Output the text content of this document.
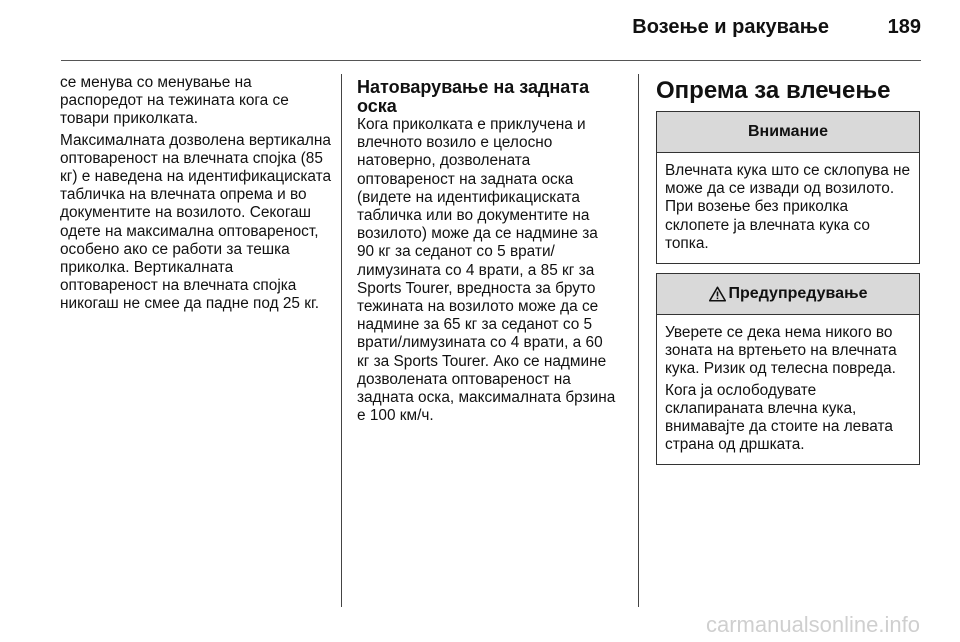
Возење и ракување	189

се менува со менување на распоредот на тежината кога се товари приколката.

Максималната дозволена вертикална оптовареност на влечната спојка (85 кг) е наведена на идентификациската табличка на влечната опрема и во документите на возилото. Секогаш одете на максимална оптовареност, особено ако се работи за тешка приколка. Вертикалната оптовареност на влечната спојка никогаш не смее да падне под 25 кг.

Натоварување на задната оска

Кога приколката е приклучена и влечното возило е целосно натоверно, дозволената оптовареност на задната оска (видете на идентификациската табличка или во документите на возилото) може да се надмине за 90 кг за седанот со 5 врати/ лимузината со 4 врати, а 85 кг за Sports Tourer, вредноста за бруто тежината на возилото може да се надмине за 65 кг за седанот со 5 врати/лимузината со 4 врати, а 60 кг за Sports Tourer. Ако се надмине дозволената оптовареност на задната оска, максималната брзина е 100 км/ч.

Опрема за влечење
Внимание

Влечната кука што се склопува не може да се извади од возилото. При возење без приколка склопете ја влечната кука со топка.

Предупредување

Уверете се дека нема никого во зоната на вртењето на влечната кука. Ризик од телесна повреда.

Кога ја ослободувате склапираната влечна кука, внимавајте да стоите на левата страна од дршката.

carmanualsonline.info
